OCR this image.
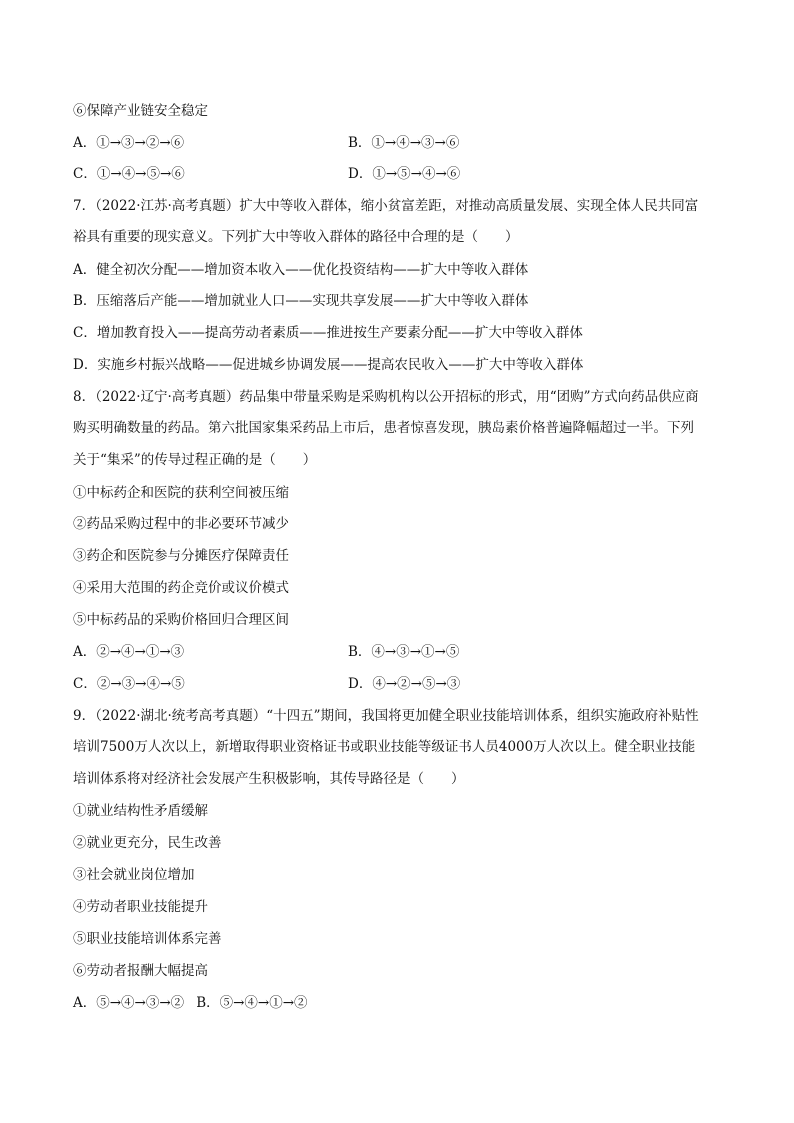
⑥保障产业链安全稳定
A．①→③→②→⑥	B．①→④→③→⑥
C．①→④→⑤→⑥	D．①→⑤→④→⑥
7．（2022·江苏·高考真题）扩大中等收入群体，缩小贫富差距，对推动高质量发展、实现全体人民共同富
裕具有重要的现实意义。下列扩大中等收入群体的路径中合理的是（　　）
A．健全初次分配——增加资本收入——优化投资结构——扩大中等收入群体
B．压缩落后产能——增加就业人口——实现共享发展——扩大中等收入群体
C．增加教育投入——提高劳动者素质——推进按生产要素分配——扩大中等收入群体
D．实施乡村振兴战略——促进城乡协调发展——提高农民收入——扩大中等收入群体
8．（2022·辽宁·高考真题）药品集中带量采购是采购机构以公开招标的形式，用“团购”方式向药品供应商
购买明确数量的药品。第六批国家集采药品上市后，患者惊喜发现，胰岛素价格普遍降幅超过一半。下列
关于“集采”的传导过程正确的是（　　）
①中标药企和医院的获利空间被压缩
②药品采购过程中的非必要环节减少
③药企和医院参与分摊医疗保障责任
④采用大范围的药企竞价或议价模式
⑤中标药品的采购价格回归合理区间
A．②→④→①→③	B．④→③→①→⑤
C．②→③→④→⑤	D．④→②→⑤→③
9．（2022·湖北·统考高考真题）“十四五”期间，我国将更加健全职业技能培训体系，组织实施政府补贴性
培训7500万人次以上，新增取得职业资格证书或职业技能等级证书人员4000万人次以上。健全职业技能
培训体系将对经济社会发展产生积极影响，其传导路径是（　　）
①就业结构性矛盾缓解
②就业更充分，民生改善
③社会就业岗位增加
④劳动者职业技能提升
⑤职业技能培训体系完善
⑥劳动者报酬大幅提高
A．⑤→④→③→② B．⑤→④→①→②
